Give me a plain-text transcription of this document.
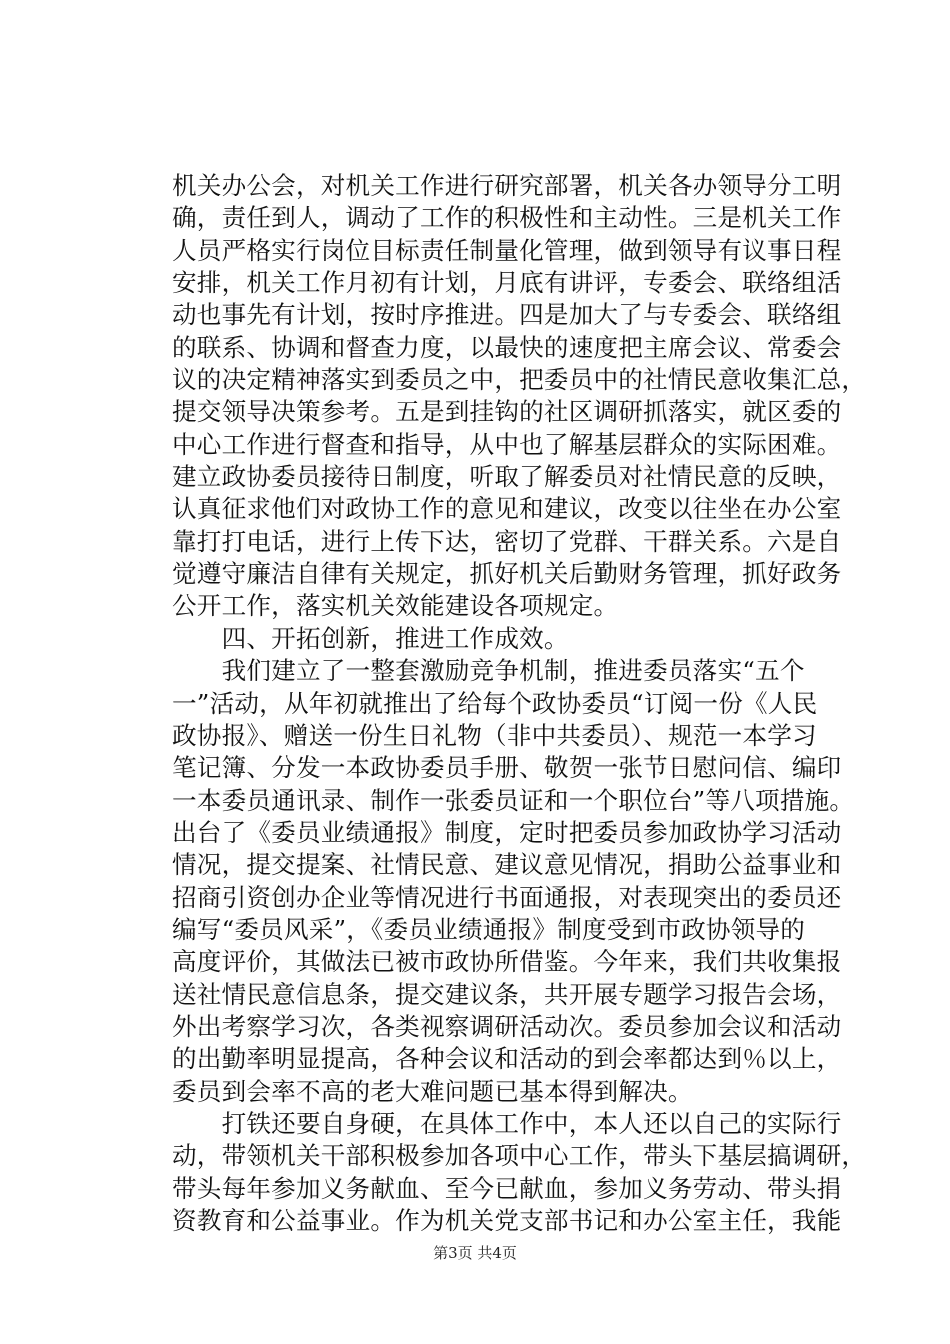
机关办公会，对机关工作进行研究部署，机关各办领导分工明
确，责任到人，调动了工作的积极性和主动性。三是机关工作
人员严格实行岗位目标责任制量化管理，做到领导有议事日程
安排，机关工作月初有计划，月底有讲评，专委会、联络组活
动也事先有计划，按时序推进。四是加大了与专委会、联络组
的联系、协调和督查力度，以最快的速度把主席会议、常委会
议的决定精神落实到委员之中，把委员中的社情民意收集汇总，
提交领导决策参考。五是到挂钩的社区调研抓落实，就区委的
中心工作进行督查和指导，从中也了解基层群众的实际困难。
建立政协委员接待日制度，听取了解委员对社情民意的反映，
认真征求他们对政协工作的意见和建议，改变以往坐在办公室
靠打打电话，进行上传下达，密切了党群、干群关系。六是自
觉遵守廉洁自律有关规定，抓好机关后勤财务管理，抓好政务
公开工作，落实机关效能建设各项规定。
　　四、开拓创新，推进工作成效。
　　我们建立了一整套激励竞争机制，推进委员落实“五个
一”活动，从年初就推出了给每个政协委员“订阅一份《人民
政协报》、赠送一份生日礼物（非中共委员）、规范一本学习
笔记簿、分发一本政协委员手册、敬贺一张节日慰问信、编印
一本委员通讯录、制作一张委员证和一个职位台”等八项措施。
出台了《委员业绩通报》制度，定时把委员参加政协学习活动
情况，提交提案、社情民意、建议意见情况，捐助公益事业和
招商引资创办企业等情况进行书面通报，对表现突出的委员还
编写“委员风采”，《委员业绩通报》制度受到市政协领导的
高度评价，其做法已被市政协所借鉴。今年来，我们共收集报
送社情民意信息条，提交建议条，共开展专题学习报告会场，
外出考察学习次，各类视察调研活动次。委员参加会议和活动
的出勤率明显提高，各种会议和活动的到会率都达到％以上，
委员到会率不高的老大难问题已基本得到解决。
　　打铁还要自身硬，在具体工作中，本人还以自己的实际行
动，带领机关干部积极参加各项中心工作，带头下基层搞调研，
带头每年参加义务献血、至今已献血，参加义务劳动、带头捐
资教育和公益事业。作为机关党支部书记和办公室主任，我能
第3页 共4页
